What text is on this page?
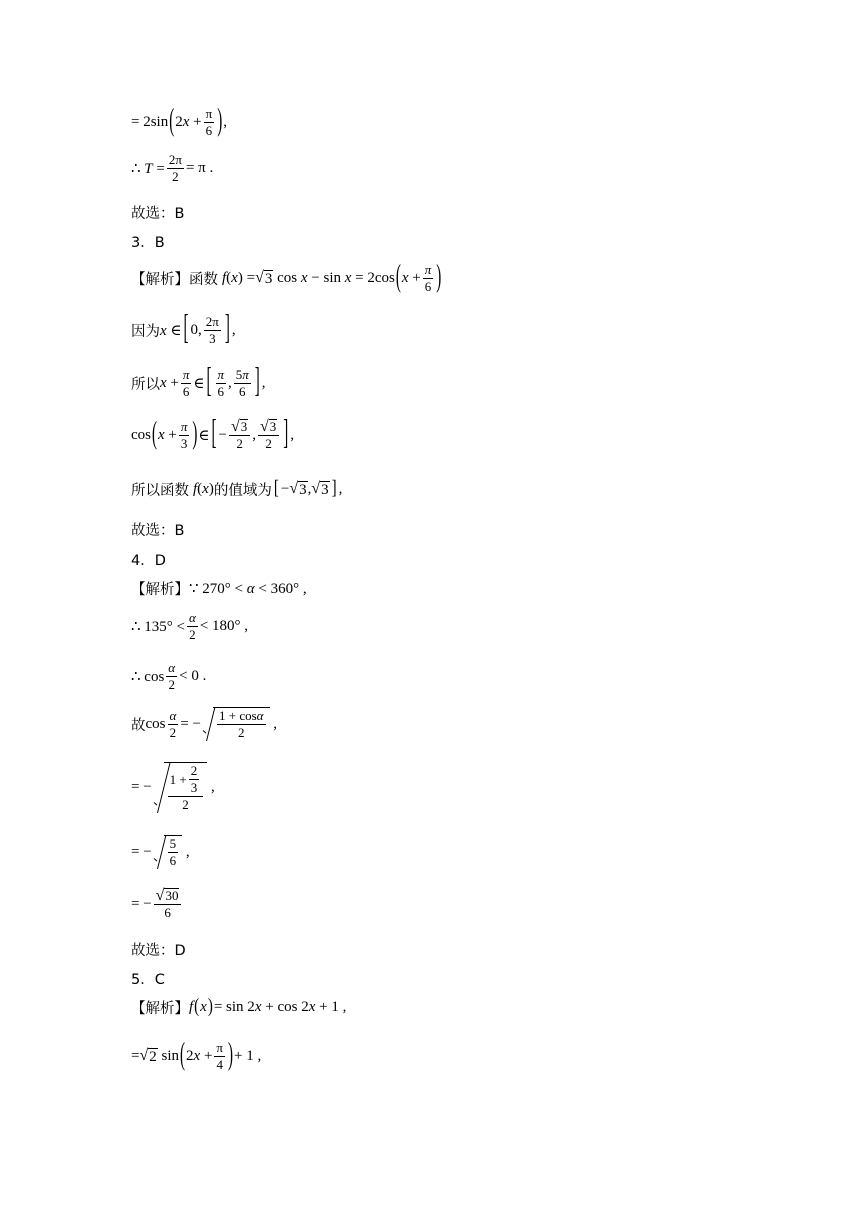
= 2sin ( $2x + \frac{\pi}{6}$ ) ,
∴ $T = \frac{2\pi}{2} = \pi$ .
故选：B
3．B
【解析】 函数 f(x) = √ 3 cos x − sin x = 2cos ( $x + \frac{\pi}{6}$ )
因为 x ∈ [ 0, $\frac{2\pi}{3}$ ] ,
所以 $x + \frac{\pi}{6}$ ∈ [ $\frac{\pi}{6}$ , $\frac{5\pi}{6}$ ] ,
cos ( $x + \frac{\pi}{3}$ ) ∈ [ − $\frac{√ 3}{2}$ , $\frac{√ 3}{2}$ ] ,
所以函数 f(x) 的值域为 [ − √ 3 , √ 3 ] ,
故选：B
4．D
【解析】 ∵ 270° < α < 360° ,
∴ $135^\circ < \frac{\alpha}{2} < 180^\circ$ ,
∴ $\cos \frac{\alpha}{2} < 0$ .
故 $\cos \frac{\alpha}{2}$ = − $\frac{1 + \cos\alpha}{2}$ ,
= − $\frac{1 + \frac{2}{3}}{2}$ ,
= − $\frac{5}{6}$ ,
= − $\frac{√ 30}{6}$
故选：D
5．C
【解析】 f ( x ) = sin 2x + cos 2x + 1 ,
= √ 2 sin ( $2x + \frac{\pi}{4}$ ) + 1 ,
